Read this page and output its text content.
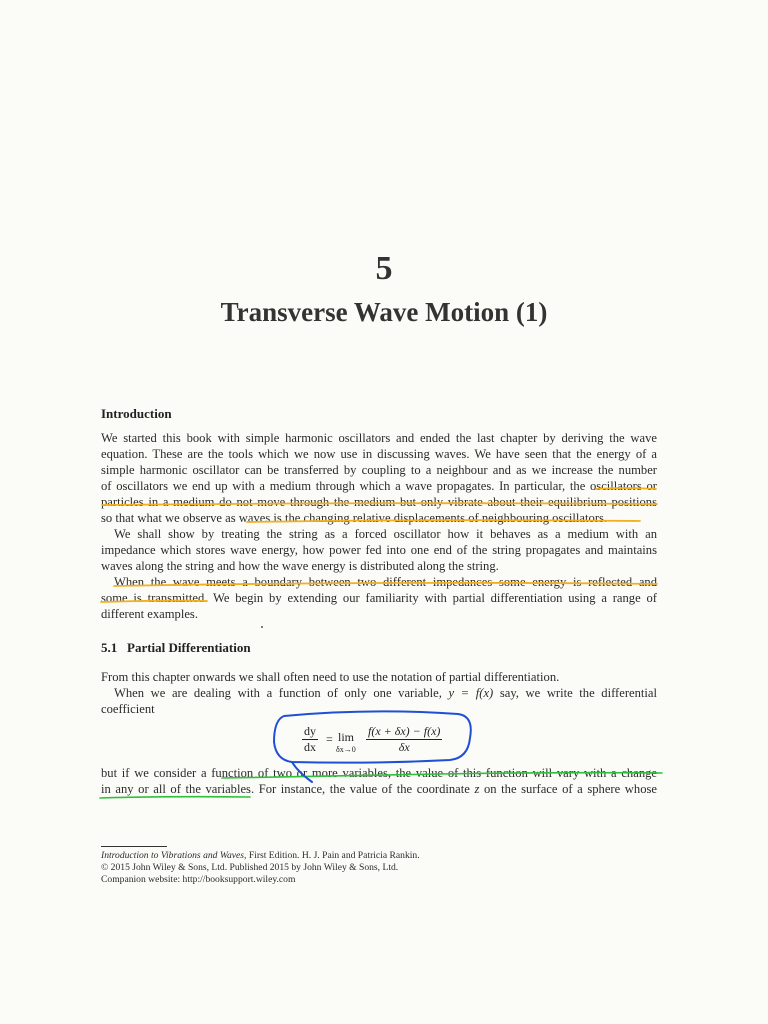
5
Transverse Wave Motion (1)
Introduction
We started this book with simple harmonic oscillators and ended the last chapter by deriving the wave
equation. These are the tools which we now use in discussing waves. We have seen that the energy of a
simple harmonic oscillator can be transferred by coupling to a neighbour and as we increase the number
of oscillators we end up with a medium through which a wave propagates. In particular, the oscillators or
particles in a medium do not move through the medium but only vibrate about their equilibrium positions
so that what we observe as waves is the changing relative displacements of neighbouring oscillators.
We shall show by treating the string as a forced oscillator how it behaves as a medium with an
impedance which stores wave energy, how power fed into one end of the string propagates and maintains
waves along the string and how the wave energy is distributed along the string.
When the wave meets a boundary between two different impedances some energy is reflected and
some is transmitted. We begin by extending our familiarity with partial differentiation using a range of
different examples.
5.1 Partial Differentiation
From this chapter onwards we shall often need to use the notation of partial differentiation.
When we are dealing with a function of only one variable, y = f(x) say, we write the differential
coefficient
$\frac{dy}{dx} = \lim$
$\delta x\to 0 \frac{f(x + \delta x) - f(x)}{\delta x}$
but if we consider a function of two or more variables, the value of this function will vary with a change
in any or all of the variables. For instance, the value of the coordinate z on the surface of a sphere whose
Introduction to Vibrations and Waves, First Edition. H. J. Pain and Patricia Rankin.
© 2015 John Wiley & Sons, Ltd. Published 2015 by John Wiley & Sons, Ltd.
Companion website: http://booksupport.wiley.com
